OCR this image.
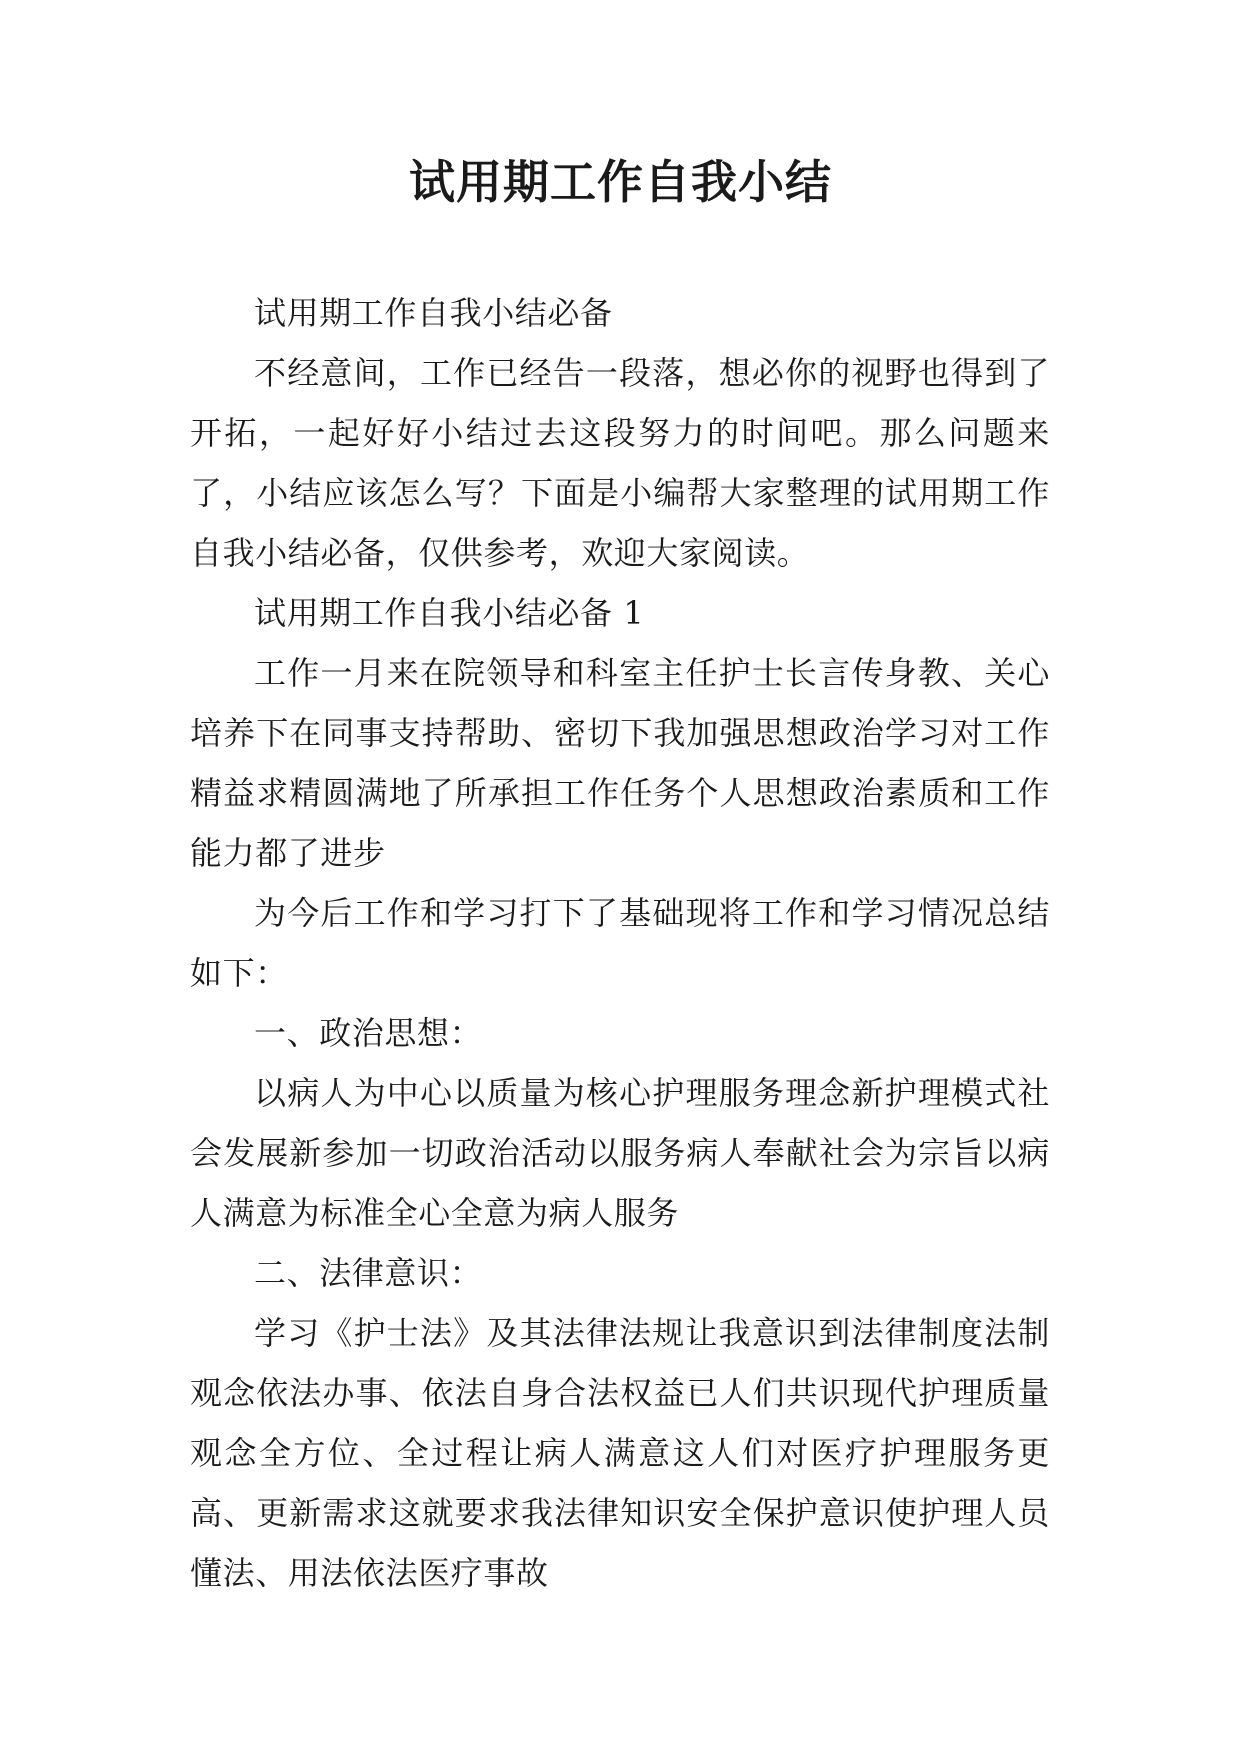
试用期工作自我小结

试用期工作自我小结必备

不经意间，工作已经告一段落，想必你的视野也得到了开拓，一起好好小结过去这段努力的时间吧。那么问题来了，小结应该怎么写？下面是小编帮大家整理的试用期工作自我小结必备，仅供参考，欢迎大家阅读。

试用期工作自我小结必备 1

工作一月来在院领导和科室主任护士长言传身教、关心培养下在同事支持帮助、密切下我加强思想政治学习对工作精益求精圆满地了所承担工作任务个人思想政治素质和工作能力都了进步

为今后工作和学习打下了基础现将工作和学习情况总结如下：

一、政治思想：

以病人为中心以质量为核心护理服务理念新护理模式社会发展新参加一切政治活动以服务病人奉献社会为宗旨以病人满意为标准全心全意为病人服务

二、法律意识：

学习《护士法》及其法律法规让我意识到法律制度法制观念依法办事、依法自身合法权益已人们共识现代护理质量观念全方位、全过程让病人满意这人们对医疗护理服务更高、更新需求这就要求我法律知识安全保护意识使护理人员懂法、用法依法医疗事故
